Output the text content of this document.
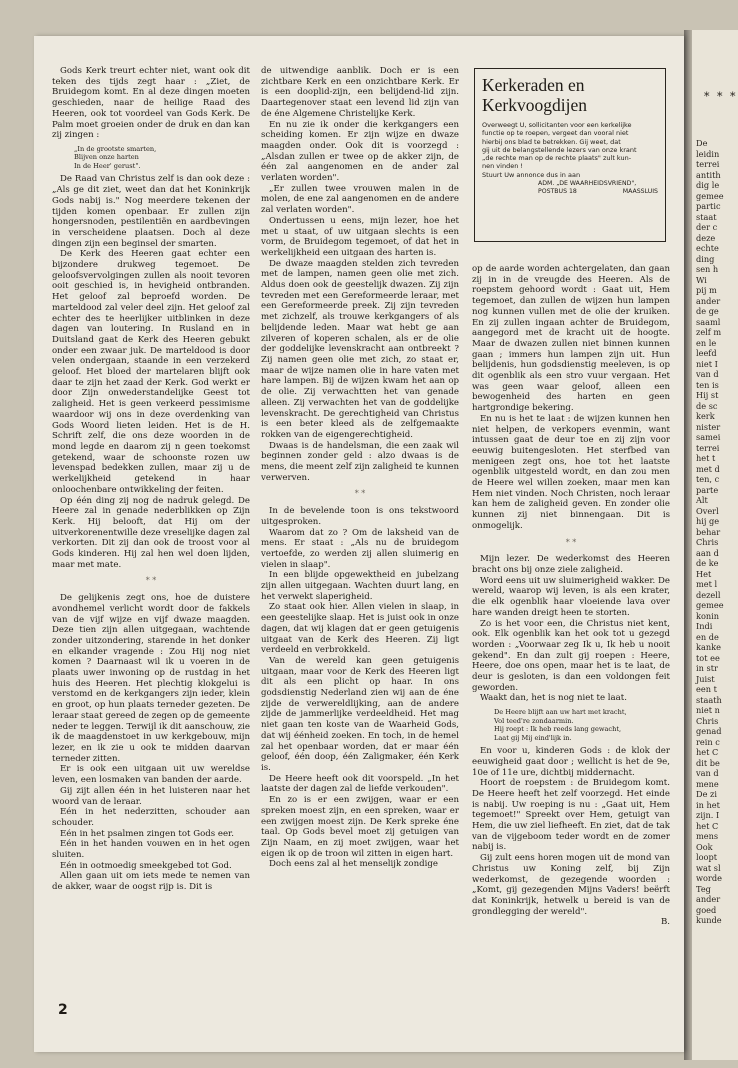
* * *
De
leidin
terrei
antith
dig le
gemee
partic
staat
der c
deze
echte
ding
sen h
Wi
pij m
ander
de ge
saaml
zelf m
en le
leefd
niet I
van d
ten is
Hij st
de sc
kerk
nister
samei
terrei
het t
met d
ten, c
parte
Alt
Overl
hij ge
behar
Chris
aan d
de ke
Het
met l
dezell
gemee
konin
Indi
en de
kanke
tot ee
in str
Juist
een t
staath
niet n
Chris
genad
rein c
het C
dit be
van d
mene
De zi
in het
zijn. I
het C
mens
Ook
loopt
wat sl
worde
Teg
ander
goed
kunde

Gods Kerk treurt echter niet, want ook dit teken des tijds zegt haar : „Ziet, de Bruidegom komt. En al deze dingen moeten geschieden, naar de heilige Raad des Heeren, ook tot voordeel van Gods Kerk. De Palm moet groeien onder de druk en dan kan zij zingen :

„In de grootste smarten,
Blijven onze harten
In de Heer' gerust".

De Raad van Christus zelf is dan ook deze : „Als ge dit ziet, weet dan dat het Koninkrijk Gods nabij is." Nog meerdere tekenen der tijden komen openbaar. Er zullen zijn hongersnoden, pestilentiën en aardbevingen in verscheidene plaatsen. Doch al deze dingen zijn een beginsel der smarten.

De Kerk des Heeren gaat echter een bijzondere drukweg tegemoet. De geloofsvervolgingen zullen als nooit tevoren ooit geschied is, in hevigheid ontbranden. Het geloof zal beproefd worden. De marteldood zal veler deel zijn. Het geloof zal echter des te heerlijker uitblinken in deze dagen van loutering. In Rusland en in Duitsland gaat de Kerk des Heeren gebukt onder een zwaar juk. De marteldood is door velen ondergaan, staande in een verzekerd geloof. Het bloed der martelaren blijft ook daar te zijn het zaad der Kerk. God werkt er door Zijn onwederstandelijke Geest tot zaligheid. Het is geen verkeerd pessimisme waardoor wij ons in deze overdenking van Gods Woord lieten leiden. Het is de H. Schrift zelf, die ons deze woorden in de mond legde en daarom zij n geen toekomst getekend, waar de schoonste rozen uw levenspad bedekken zullen, maar zij u de werkelijkheid getekend in haar onloochenbare ontwikkeling der feiten.

Op één ding zij nog de nadruk gelegd. De Heere zal in genade nederblikken op Zijn Kerk. Hij belooft, dat Hij om der uitverkorenentwille deze vreselijke dagen zal verkorten. Dit zij dan ook de troost voor al Gods kinderen. Hij zal hen wel doen lijden, maar met mate.

* *

De gelijkenis zegt ons, hoe de duistere avondhemel verlicht wordt door de fakkels van de vijf wijze en vijf dwaze maagden. Deze tien zijn allen uitgegaan, wachtende zonder uitzondering, starende in het donker en elkander vragende : Zou Hij nog niet komen ? Daarnaast wil ik u voeren in de plaats uwer inwoning op de rustdag in het huis des Heeren. Het plechtig klokgelui is verstomd en de kerkgangers zijn ieder, klein en groot, op hun plaats terneder gezeten. De leraar staat gereed de zegen op de gemeente neder te leggen. Terwijl ik dit aanschouw, zie ik de maagdenstoet in uw kerkgebouw, mijn lezer, en ik zie u ook te midden daarvan terneder zitten.

Er is ook een uitgaan uit uw wereldse leven, een losmaken van banden der aarde.

Gij zijt allen één in het luisteren naar het woord van de leraar.

Eén in het nederzitten, schouder aan schouder.

Eén in het psalmen zingen tot Gods eer.

Eén in het handen vouwen en in het ogen sluiten.

Eén in ootmoedig smeekgebed tot God.

Allen gaan uit om iets mede te nemen van de akker, waar de oogst rijp is. Dit is

de uitwendige aanblik. Doch er is een zichtbare Kerk en een onzichtbare Kerk. Er is een dooplid-zijn, een belijdend-lid zijn. Daartegenover staat een levend lid zijn van de éne Algemene Christelijke Kerk.

En nu zie ik onder die kerkgangers een scheiding komen. Er zijn wijze en dwaze maagden onder. Ook dit is voorzegd : „Alsdan zullen er twee op de akker zijn, de één zal aangenomen en de ander zal verlaten worden".

„Er zullen twee vrouwen malen in de molen, de ene zal aangenomen en de andere zal verlaten worden".

Ondertussen u eens, mijn lezer, hoe het met u staat, of uw uitgaan slechts is een vorm, de Bruidegom tegemoet, of dat het in werkelijkheid een uitgaan des harten is.

De dwaze maagden stelden zich tevreden met de lampen, namen geen olie met zich. Aldus doen ook de geestelijk dwazen. Zij zijn tevreden met een Gereformeerde leraar, met een Gereformeerde preek. Zij zijn tevreden met zichzelf, als trouwe kerkgangers of als belijdende leden. Maar wat hebt ge aan zilveren of koperen schalen, als er de olie der goddelijke levenskracht aan ontbreekt ? Zij namen geen olie met zich, zo staat er, maar de wijze namen olie in hare vaten met hare lampen. Bij de wijzen kwam het aan op de olie. Zij verwachtten het van genade alleen. Zij verwachten het van de goddelijke levenskracht. De gerechtigheid van Christus is een beter kleed als de zelfgemaakte rokken van de eigengerechtigheid.

Dwaas is de handelsman, die een zaak wil beginnen zonder geld : alzo dwaas is de mens, die meent zelf zijn zaligheid te kunnen verwerven.

* *

In de bevelende toon is ons tekstwoord uitgesproken.

Waarom dat zo ? Om de laksheid van de mens. Er staat : „Als nu de bruidegom vertoefde, zo werden zij allen sluimerig en vielen in slaap".

In een blijde opgewektheid en jubelzang zijn allen uitgegaan. Wachten duurt lang, en het verwekt slaperigheid.

Zo staat ook hier. Allen vielen in slaap, in een geestelijke slaap. Het is juist ook in onze dagen, dat wij klagen dat er geen getuigenis uitgaat van de Kerk des Heeren. Zij ligt verdeeld en verbrokkeld.

Van de wereld kan geen getuigenis uitgaan, maar voor de Kerk des Heeren ligt dit als een plicht op haar. In ons godsdienstig Nederland zien wij aan de éne zijde de verwereldlijking, aan de andere zijde de jammerlijke verdeeldheid. Het mag niet gaan ten koste van de Waarheid Gods, dat wij éénheid zoeken. En toch, in de hemel zal het openbaar worden, dat er maar één geloof, één doop, één Zaligmaker, één Kerk is.

De Heere heeft ook dit voorspeld. „In het laatste der dagen zal de liefde verkouden".

En zo is er een zwijgen, waar er een spreken moest zijn, en een spreken, waar er een zwijgen moest zijn. De Kerk spreke éne taal. Op Gods bevel moet zij getuigen van Zijn Naam, en zij moet zwijgen, waar het eigen ik op de troon wil zitten in eigen hart.

Doch eens zal al het menselijk zondige

Kerkeraden en
Kerkvoogdijen
Overweegt U, sollicitanten voor een kerkelijke
functie op te roepen, vergeet dan vooral niet
hierbij ons blad te betrekken. Gij weet, dat
gij uit de belangstellende lezers van onze krant
„de rechte man op de rechte plaats" zult kun-
nen vinden !
Stuurt Uw annonce dus in aan
ADM. „DE WAARHEIDSVRIEND",
POSTBUS 18	MAASSLUIS

op de aarde worden achtergelaten, dan gaan zij in in de vreugde des Heeren. Als de roepstem gehoord wordt : Gaat uit, Hem tegemoet, dan zullen de wijzen hun lampen nog kunnen vullen met de olie der kruiken. En zij zullen ingaan achter de Bruidegom, aangegord met de kracht uit de hoogte. Maar de dwazen zullen niet binnen kunnen gaan ; immers hun lampen zijn uit. Hun belijdenis, hun godsdienstig meeleven, is op dit ogenblik als een stro vuur vergaan. Het was geen waar geloof, alleen een bewogenheid des harten en geen hartgrondige bekering.

En nu is het te laat : de wijzen kunnen hen niet helpen, de verkopers evenmin, want intussen gaat de deur toe en zij zijn voor eeuwig buitengesloten. Het sterfbed van menigeen zegt ons, hoe tot het laatste ogenblik uitgesteld wordt, en dan zou men de Heere wel willen zoeken, maar men kan Hem niet vinden. Noch Christen, noch leraar kan hem de zaligheid geven. En zonder olie kunnen zij niet binnengaan. Dit is onmogelijk.

* *

Mijn lezer. De wederkomst des Heeren bracht ons bij onze ziele zaligheid.

Word eens uit uw sluimerigheid wakker. De wereld, waarop wij leven, is als een krater, die elk ogenblik haar vloeiende lava over hare wanden dreigt heen te storten.

Zo is het voor een, die Christus niet kent, ook. Elk ogenblik kan het ook tot u gezegd worden : „Voorwaar zeg Ik u, Ik heb u nooit gekend". En dan zult gij roepen : Heere, Heere, doe ons open, maar het is te laat, de deur is gesloten, is dan een voldongen feit geworden.

Waakt dan, het is nog niet te laat.

De Heere blijft aan uw hart met kracht,
Vol teed're zondaarmin.
Hij roept : Ik heb reeds lang gewacht,
Laat gij Mij eind'lijk in.

En voor u, kinderen Gods : de klok der eeuwigheid gaat door ; wellicht is het de 9e, 10e of 11e ure, dichtbij middernacht.

Hoort de roepstem : de Bruidegom komt. De Heere heeft het zelf voorzegd. Het einde is nabij. Uw roeping is nu : „Gaat uit, Hem tegemoet!" Spreekt over Hem, getuigt van Hem, die uw ziel liefheeft. En ziet, dat de tak van de vijgeboom teder wordt en de zomer nabij is.

Gij zult eens horen mogen uit de mond van Christus uw Koning zelf, bij Zijn wederkomst, de gezegende woorden : „Komt, gij gezegenden Mijns Vaders! beërft dat Koninkrijk, hetwelk u bereid is van de grondlegging der wereld".

B.
2
